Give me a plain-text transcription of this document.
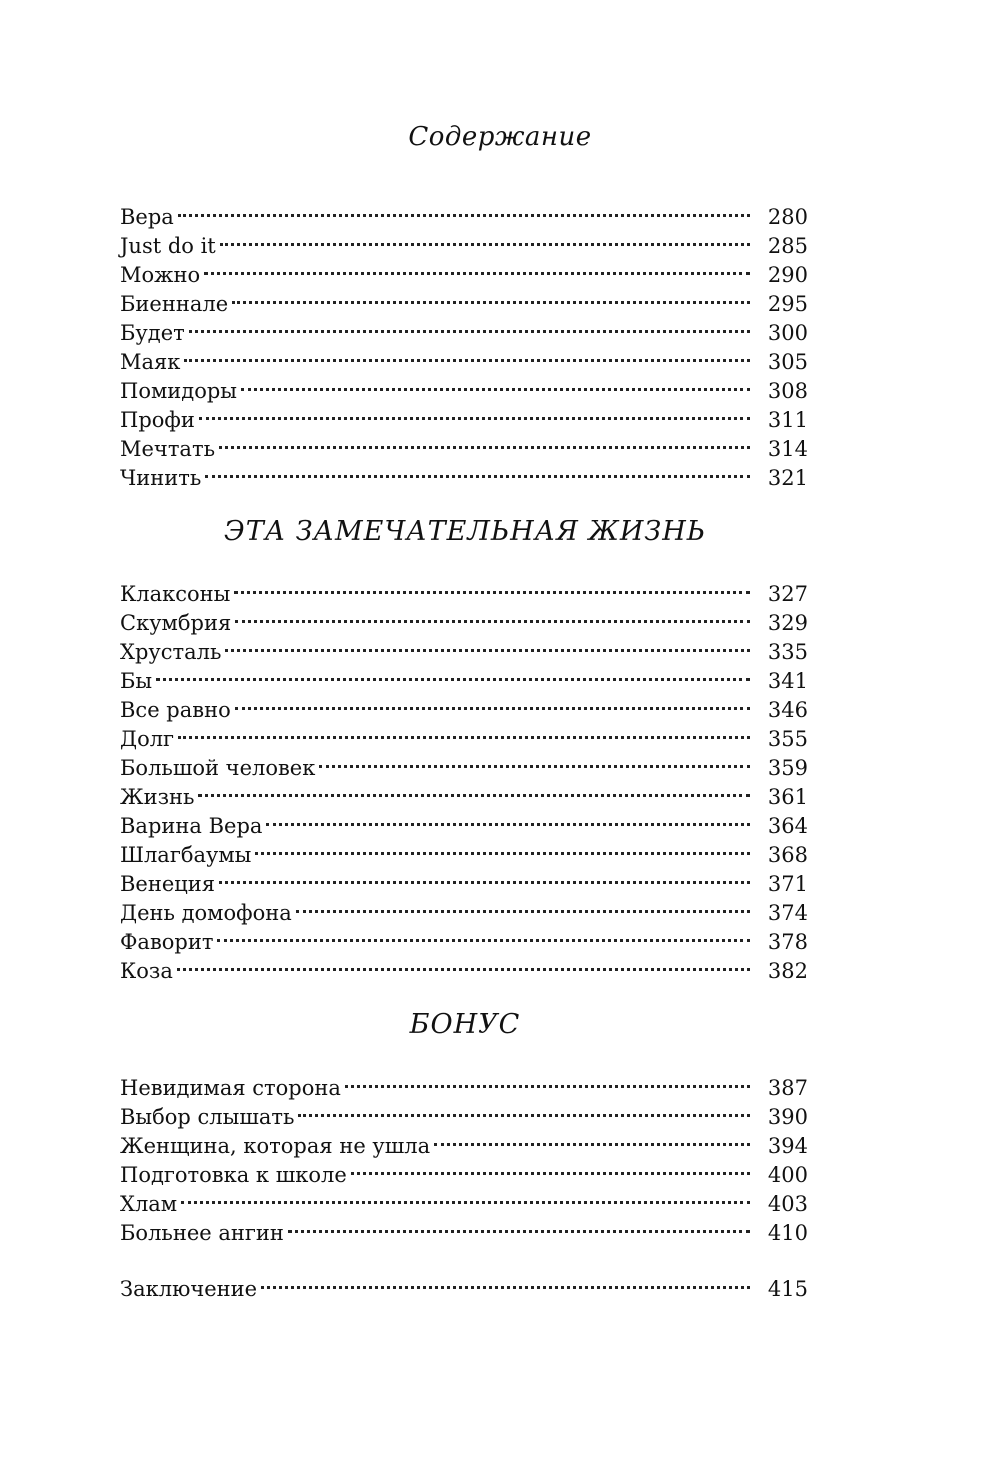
Содержание
Вера	280
Just do it	285
Можно	290
Биеннале	295
Будет	300
Маяк	305
Помидоры	308
Профи	311
Мечтать	314
Чинить	321
ЭТА ЗАМЕЧАТЕЛЬНАЯ ЖИЗНЬ
Клаксоны	327
Скумбрия	329
Хрусталь	335
Бы	341
Все равно	346
Долг	355
Большой человек	359
Жизнь	361
Варина Вера	364
Шлагбаумы	368
Венеция	371
День домофона	374
Фаворит	378
Коза	382
БОНУС
Невидимая сторона	387
Выбор слышать	390
Женщина, которая не ушла	394
Подготовка к школе	400
Хлам	403
Больнее ангин	410
Заключение	415
